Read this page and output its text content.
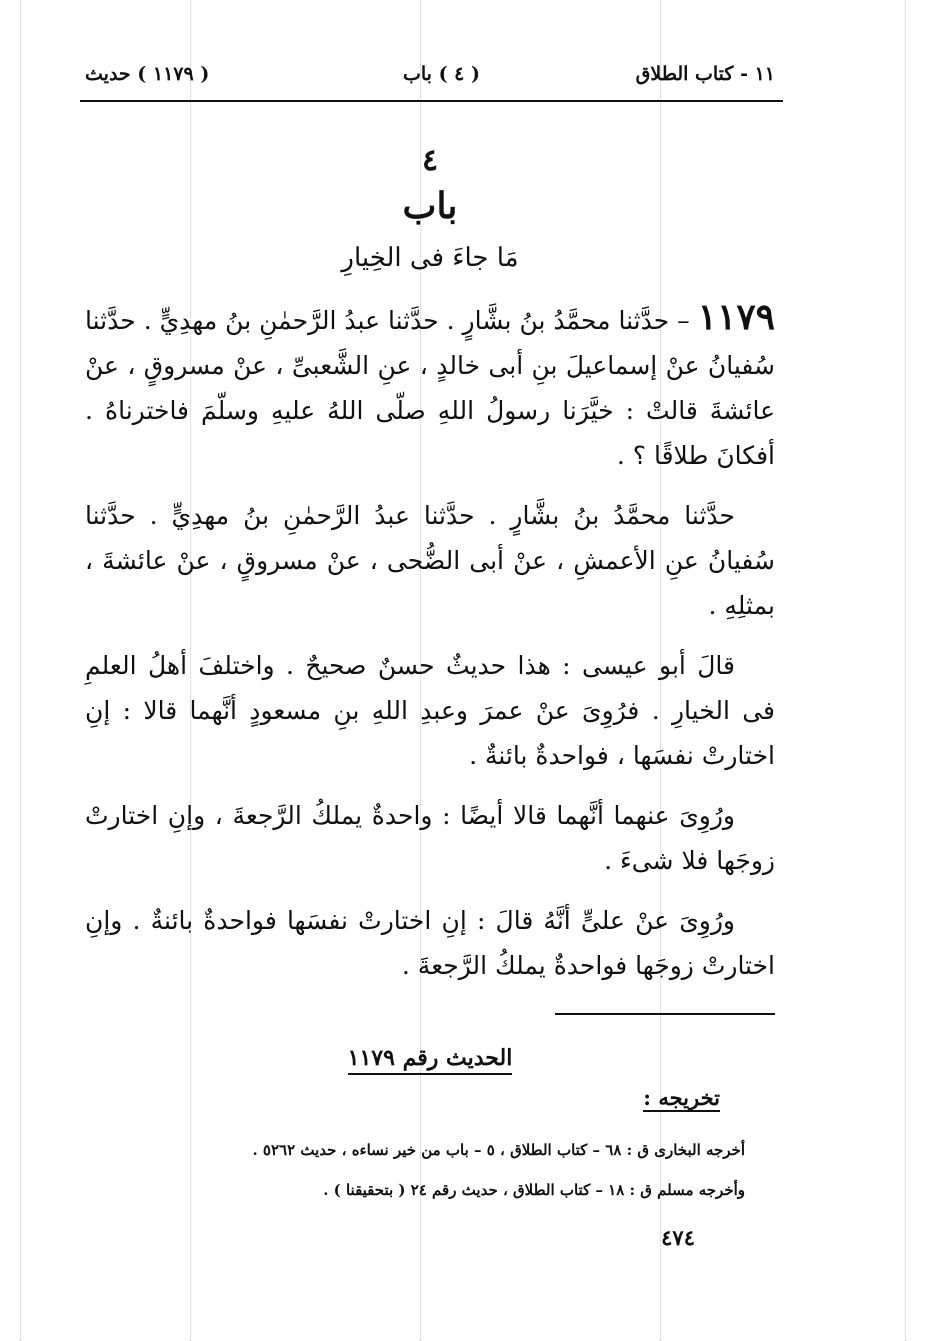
١١ - كتاب الطلاق
( ٤ ) باب
( ١١٧٩ ) حديث
٤
باب
مَا جاءَ فى الخِيارِ

١١٧٩ – حدَّثنا محمَّدُ بنُ بشَّارٍ . حدَّثنا عبدُ الرَّحمٰنِ بنُ مهدِيٍّ . حدَّثنا سُفيانُ عنْ إسماعيلَ بنِ أبى خالدٍ ، عنِ الشَّعبىِّ ، عنْ مسروقٍ ، عنْ عائشةَ قالتْ : خيَّرَنا رسولُ اللهِ صلّى اللهُ عليهِ وسلّمَ فاخترناهُ . أفكانَ طلاقًا ؟ .

حدَّثنا محمَّدُ بنُ بشَّارٍ . حدَّثنا عبدُ الرَّحمٰنِ بنُ مهدِيٍّ . حدَّثنا سُفيانُ عنِ الأعمشِ ، عنْ أبى الضُّحى ، عنْ مسروقٍ ، عنْ عائشةَ ، بمثلِهِ .

قالَ أبو عيسى : هذا حديثٌ حسنٌ صحيحٌ . واختلفَ أهلُ العلمِ فى الخيارِ . فرُوِىَ عنْ عمرَ وعبدِ اللهِ بنِ مسعودٍ أنَّهما قالا : إنِ اختارتْ نفسَها ، فواحدةٌ بائنةٌ .

ورُوِىَ عنهما أنَّهما قالا أيضًا : واحدةٌ يملكُ الرَّجعةَ ، وإنِ اختارتْ زوجَها فلا شىءَ .

ورُوِىَ عنْ علىٍّ أنَّهُ قالَ : إنِ اختارتْ نفسَها فواحدةٌ بائنةٌ . وإنِ اختارتْ زوجَها فواحدةٌ يملكُ الرَّجعةَ .

الحديث رقم ١١٧٩
تخريجه :
أخرجه البخارى ق : ٦٨ – كتاب الطلاق ، ٥ – باب من خير نساءه ، حديث ٥٢٦٢ .
وأخرجه مسلم ق : ١٨ – كتاب الطلاق ، حديث رقم ٢٤ ( بتحقيقنا ) .
٤٧٤
